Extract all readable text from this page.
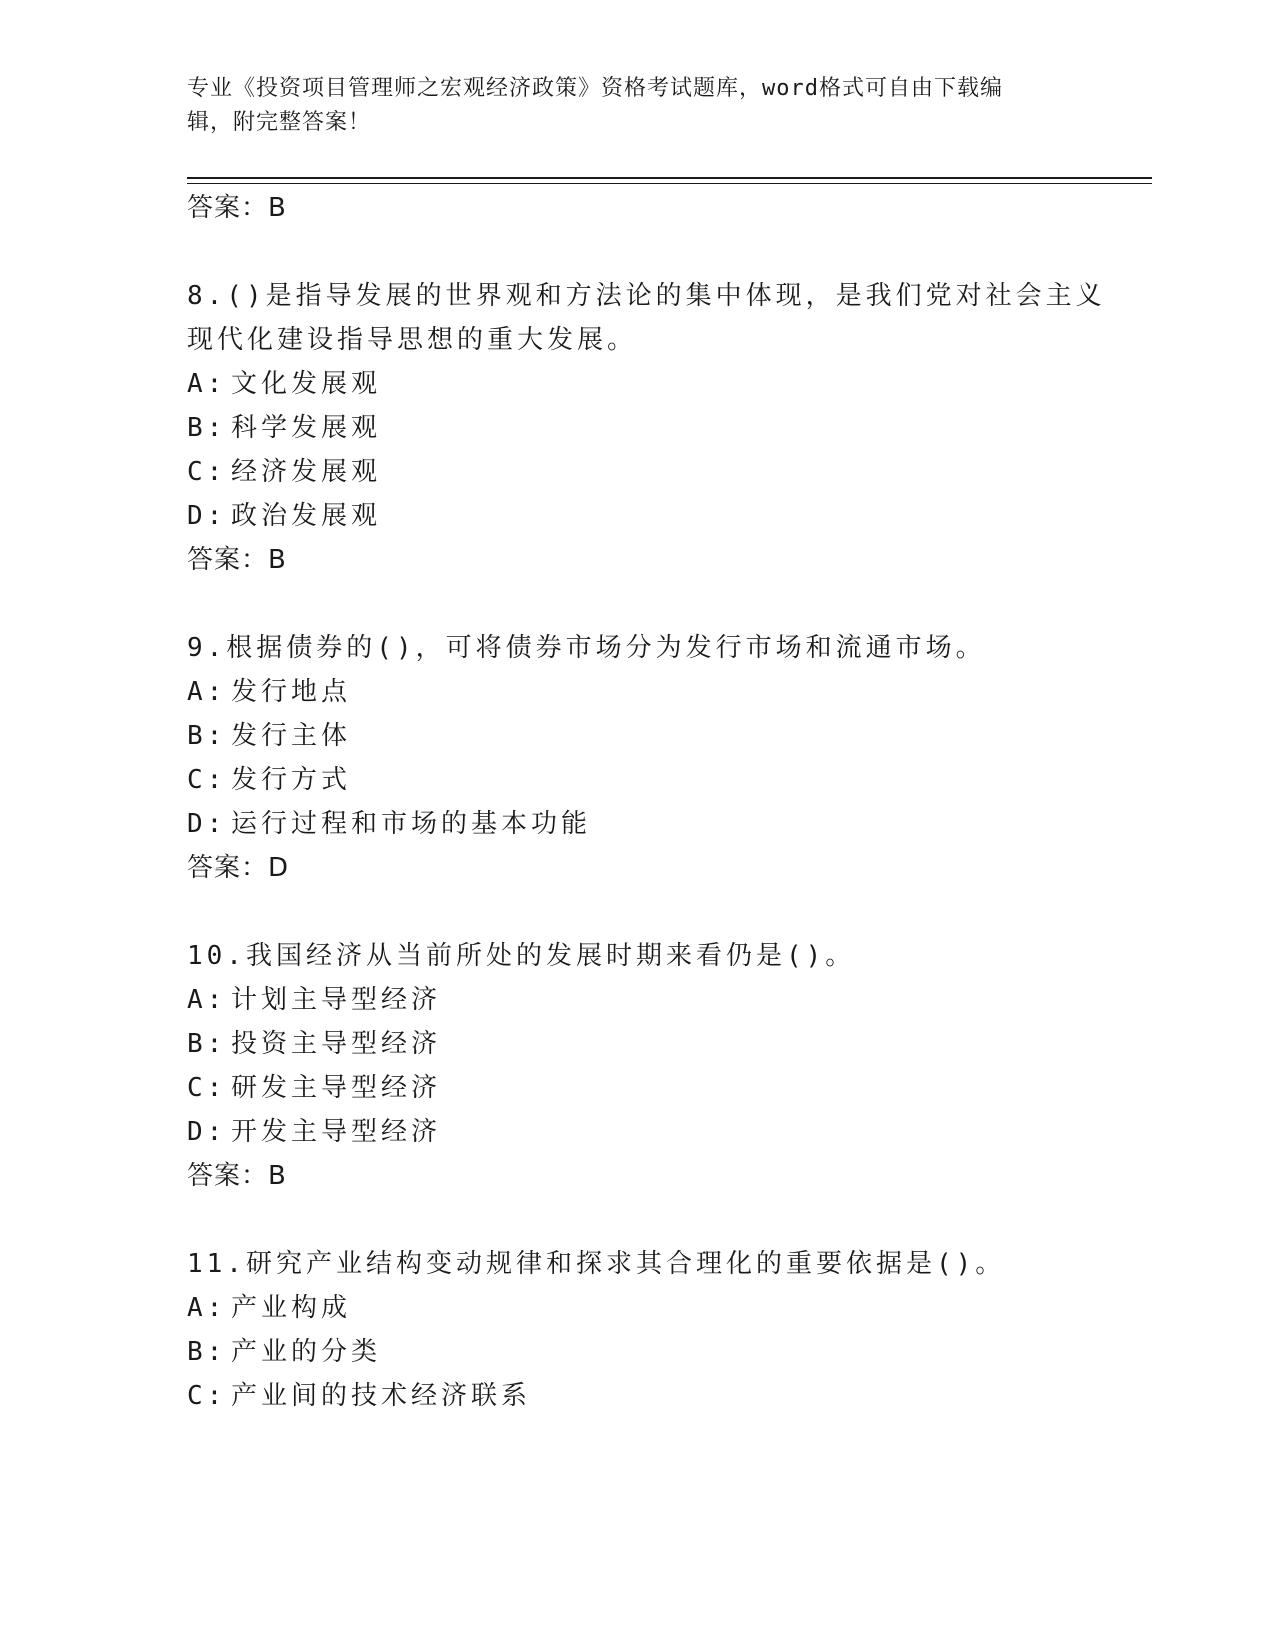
专业《投资项目管理师之宏观经济政策》资格考试题库，word格式可自由下载编
辑，附完整答案！
答案：B
8.()是指导发展的世界观和方法论的集中体现，是我们党对社会主义
现代化建设指导思想的重大发展。
A: 文化发展观
B: 科学发展观
C: 经济发展观
D: 政治发展观
答案：B
9.根据债券的()，可将债券市场分为发行市场和流通市场。
A: 发行地点
B: 发行主体
C: 发行方式
D: 运行过程和市场的基本功能
答案：D
10.我国经济从当前所处的发展时期来看仍是()。
A: 计划主导型经济
B: 投资主导型经济
C: 研发主导型经济
D: 开发主导型经济
答案：B
11.研究产业结构变动规律和探求其合理化的重要依据是()。
A: 产业构成
B: 产业的分类
C: 产业间的技术经济联系
